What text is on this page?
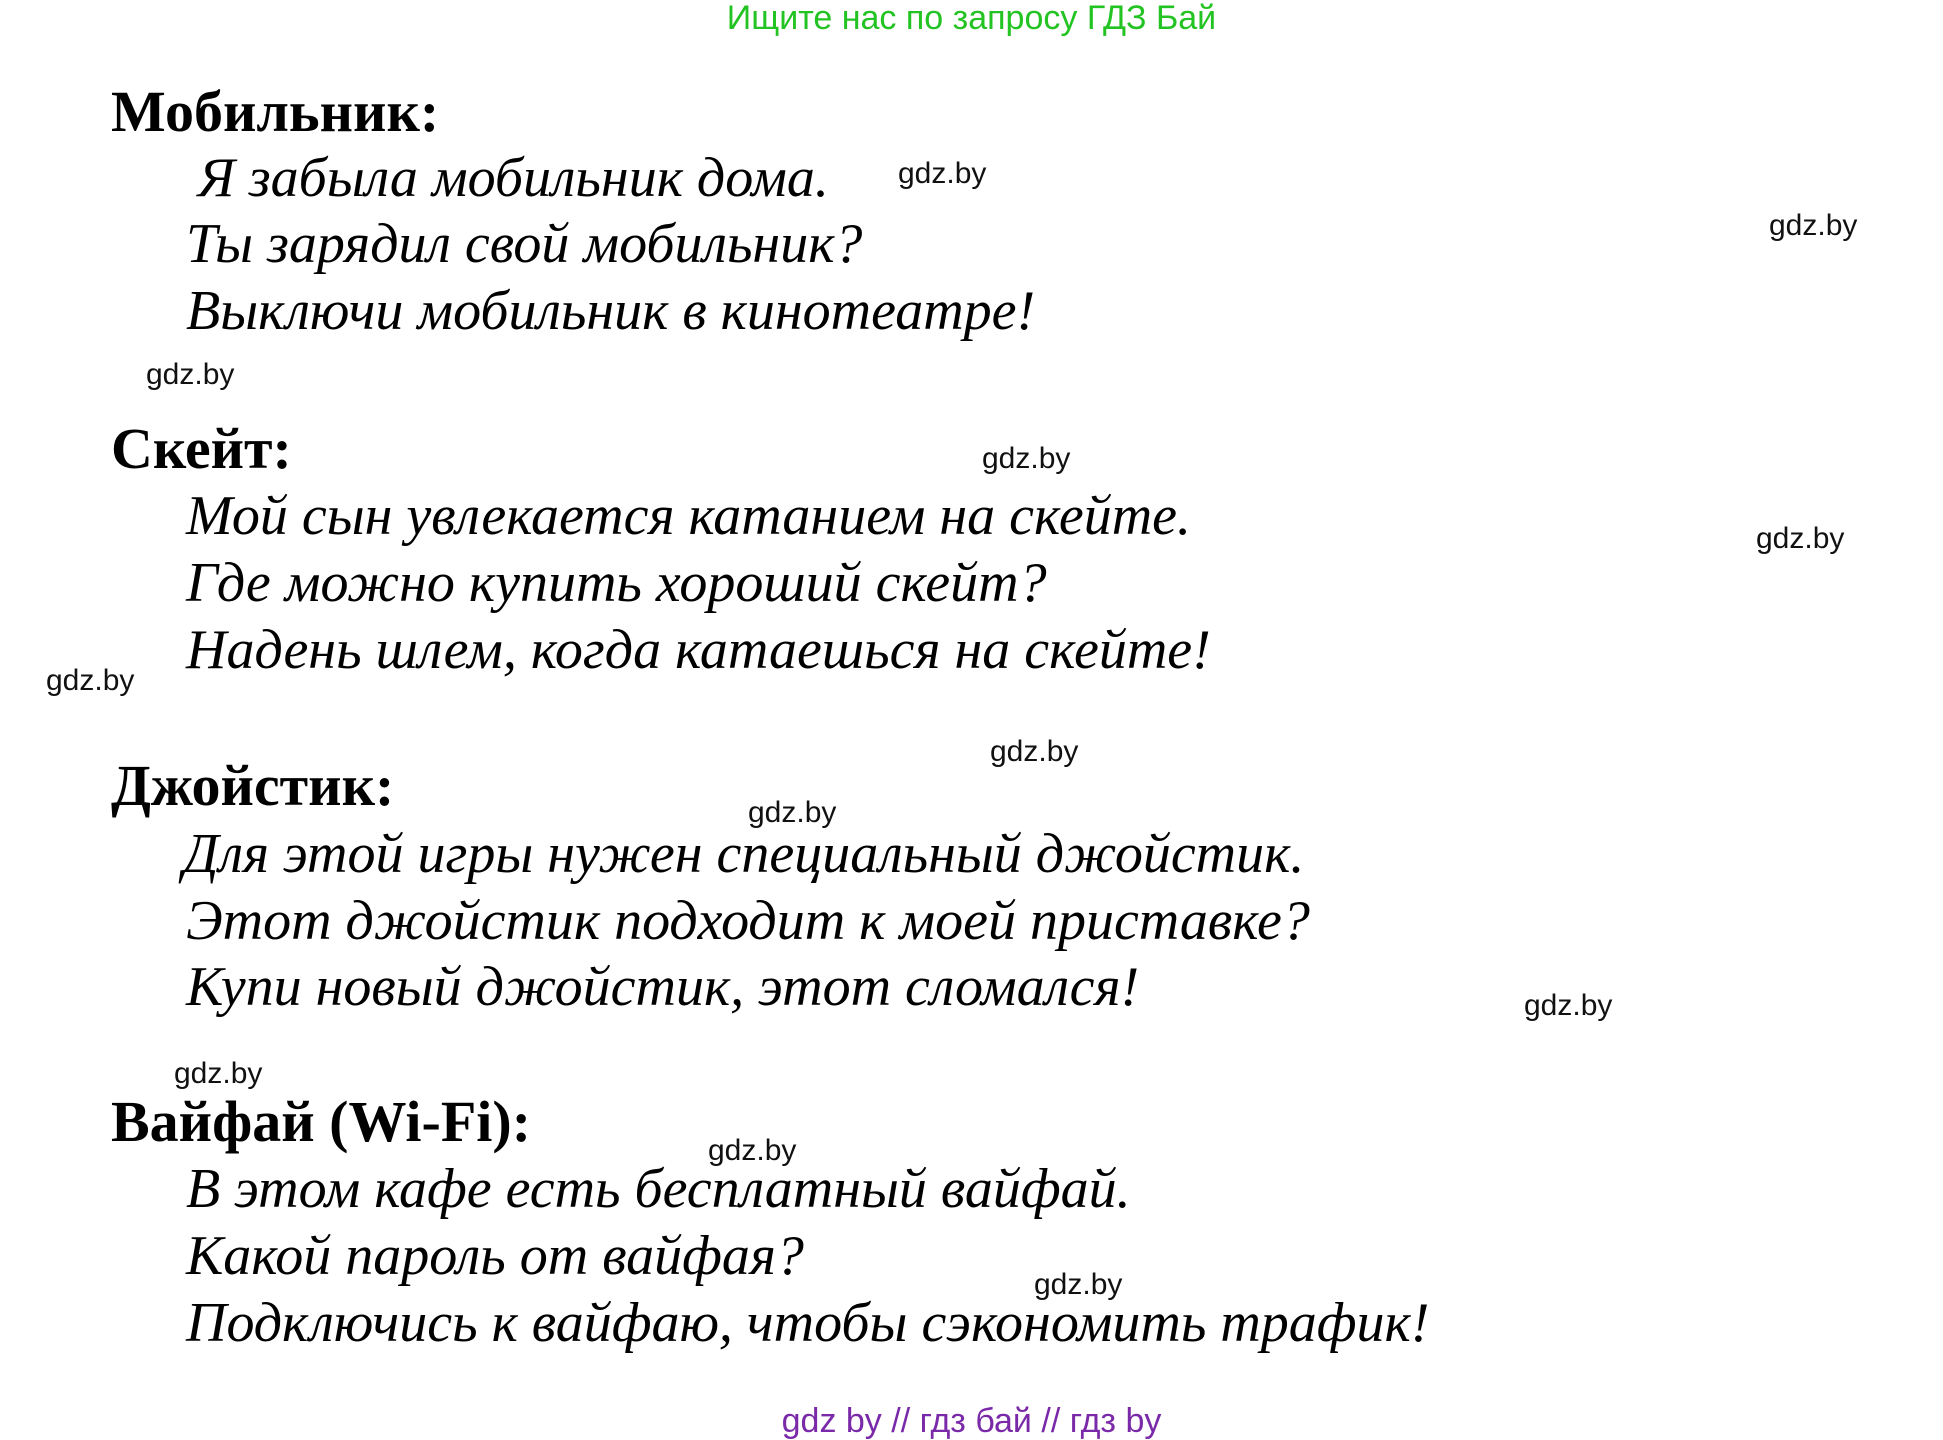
Ищите нас по запросу ГДЗ Бай
Мобильник:
Я забыла мобильник дома.
Ты зарядил свой мобильник?
Выключи мобильник в кинотеатре!
Скейт:
Мой сын увлекается катанием на скейте.
Где можно купить хороший скейт?
Надень шлем, когда катаешься на скейте!
Джойстик:
Для этой игры нужен специальный джойстик.
Этот джойстик подходит к моей приставке?
Купи новый джойстик, этот сломался!
Вайфай (Wi-Fi):
В этом кафе есть бесплатный вайфай.
Какой пароль от вайфая?
Подключись к вайфаю, чтобы сэкономить трафик!
gdz.by
gdz.by
gdz.by
gdz.by
gdz.by
gdz.by
gdz.by
gdz.by
gdz.by
gdz.by
gdz.by
gdz.by
gdz by // гдз бай // гдз by
